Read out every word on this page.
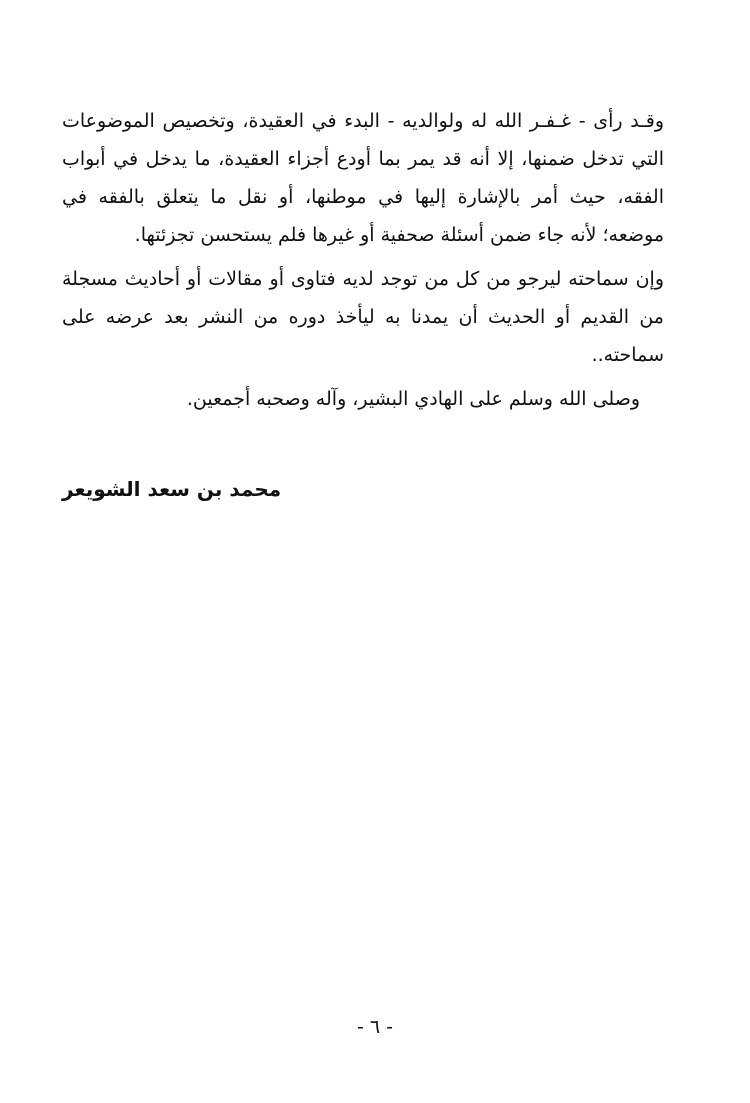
وقـد رأى - غـفـر الله له ولوالديه - البدء في العقيدة، وتخصيص الموضوعات التي تدخل ضمنها، إلا أنه قد يمر بما أودع أجزاء العقيدة، ما يدخل في أبواب الفقه، حيث أمر بالإشارة إليها في موطنها، أو نقل ما يتعلق بالفقه في موضعه؛ لأنه جاء ضمن أسئلة صحفية أو غيرها فلم يستحسن تجزئتها.

وإن سماحته ليرجو من كل من توجد لديه فتاوى أو مقالات أو أحاديث مسجلة من القديم أو الحديث أن يمدنا به ليأخذ دوره من النشر بعد عرضه على سماحته..

وصلى الله وسلم على الهادي البشير، وآله وصحبه أجمعين.

محمد بن سعد الشويعر
- ٦ -
